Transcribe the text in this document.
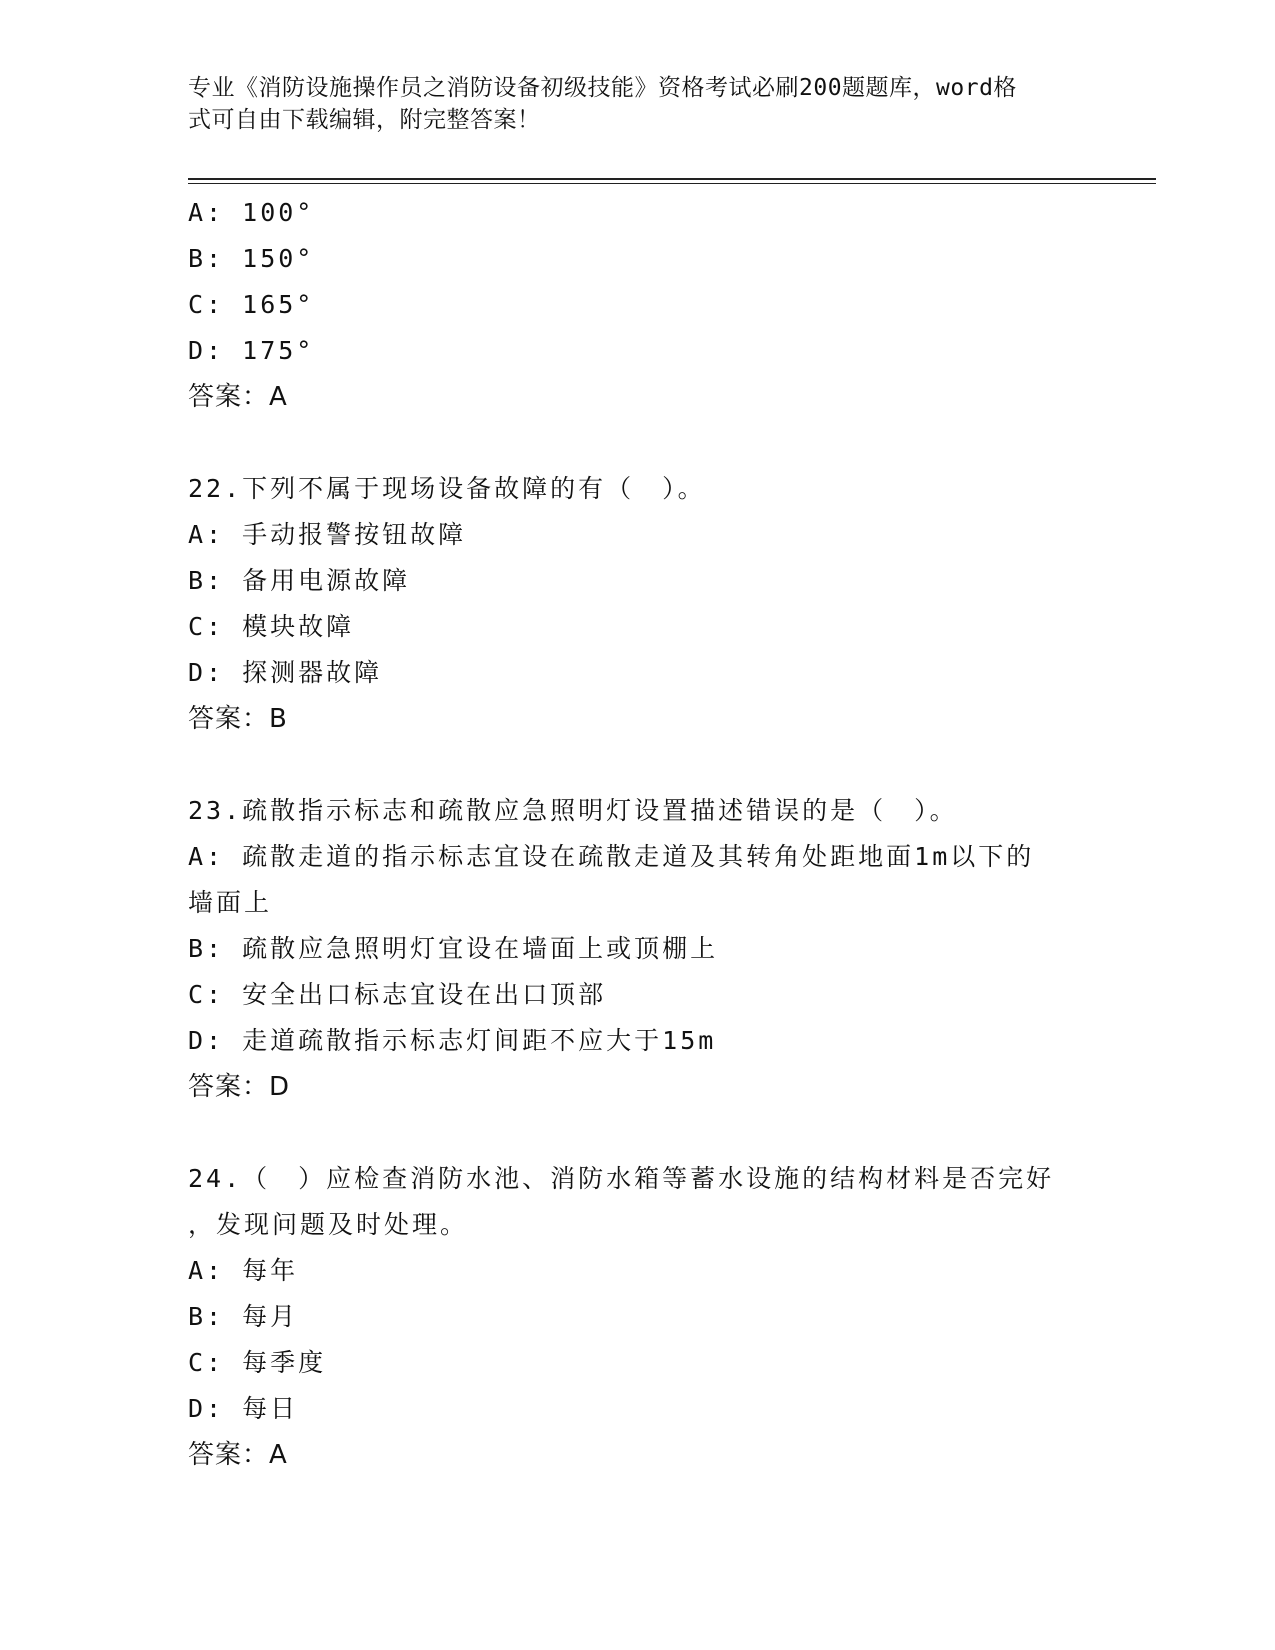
专业《消防设施操作员之消防设备初级技能》资格考试必刷200题题库，word格
式可自由下载编辑，附完整答案！
A: 100°
B: 150°
C: 165°
D: 175°
答案：A
22.下列不属于现场设备故障的有（　）。
A: 手动报警按钮故障
B: 备用电源故障
C: 模块故障
D: 探测器故障
答案：B
23.疏散指示标志和疏散应急照明灯设置描述错误的是（　）。
A: 疏散走道的指示标志宜设在疏散走道及其转角处距地面1m以下的
墙面上
B: 疏散应急照明灯宜设在墙面上或顶棚上
C: 安全出口标志宜设在出口顶部
D: 走道疏散指示标志灯间距不应大于15m
答案：D
24.（　）应检查消防水池、消防水箱等蓄水设施的结构材料是否完好
，发现问题及时处理。
A: 每年
B: 每月
C: 每季度
D: 每日
答案：A
